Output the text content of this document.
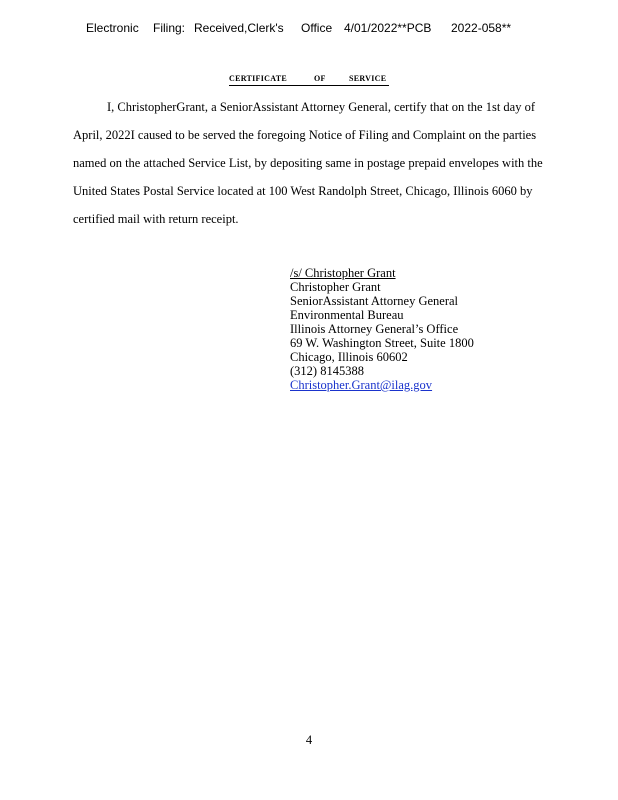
Electronic Filing: Received,Clerk's Office 4/01/2022**PCB 2022-058**

CERTIFICATE	OF	SERVICE
I, ChristopherGrant, a SeniorAssistant Attorney General, certify that on the 1st day of
April, 2022I caused to be served the foregoing Notice of Filing and Complaint on the parties
named on the attached Service List, by depositing same in postage prepaid envelopes with the
United States Postal Service located at 100 West Randolph Street, Chicago, Illinois 6060 by
certified mail with return receipt.
/s/ Christopher Grant
Christopher Grant
SeniorAssistant Attorney General
Environmental Bureau
Illinois Attorney General’s Office
69 W. Washington Street, Suite 1800
Chicago, Illinois 60602
(312) 8145388
Christopher.Grant@ilag.gov
4
